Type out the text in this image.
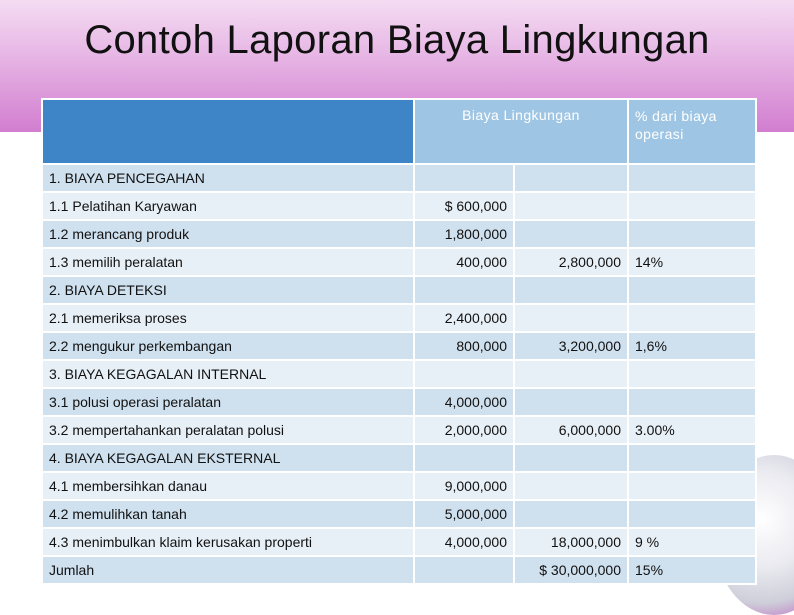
Contoh Laporan Biaya Lingkungan
	Biaya Lingkungan		% dari biaya operasi
1. BIAYA PENCEGAHAN			
1.1 Pelatihan Karyawan	$ 600,000		
1.2 merancang produk	1,800,000		
1.3 memilih peralatan	400,000	2,800,000	14%
2. BIAYA DETEKSI			
2.1 memeriksa proses	2,400,000		
2.2 mengukur perkembangan	800,000	3,200,000	1,6%
3. BIAYA KEGAGALAN INTERNAL			
3.1 polusi operasi peralatan	4,000,000		
3.2 mempertahankan peralatan polusi	2,000,000	6,000,000	3.00%
4. BIAYA KEGAGALAN EKSTERNAL			
4.1 membersihkan danau	9,000,000		
4.2 memulihkan tanah	5,000,000		
4.3 menimbulkan klaim kerusakan properti	4,000,000	18,000,000	9 %
Jumlah		$ 30,000,000	15%
